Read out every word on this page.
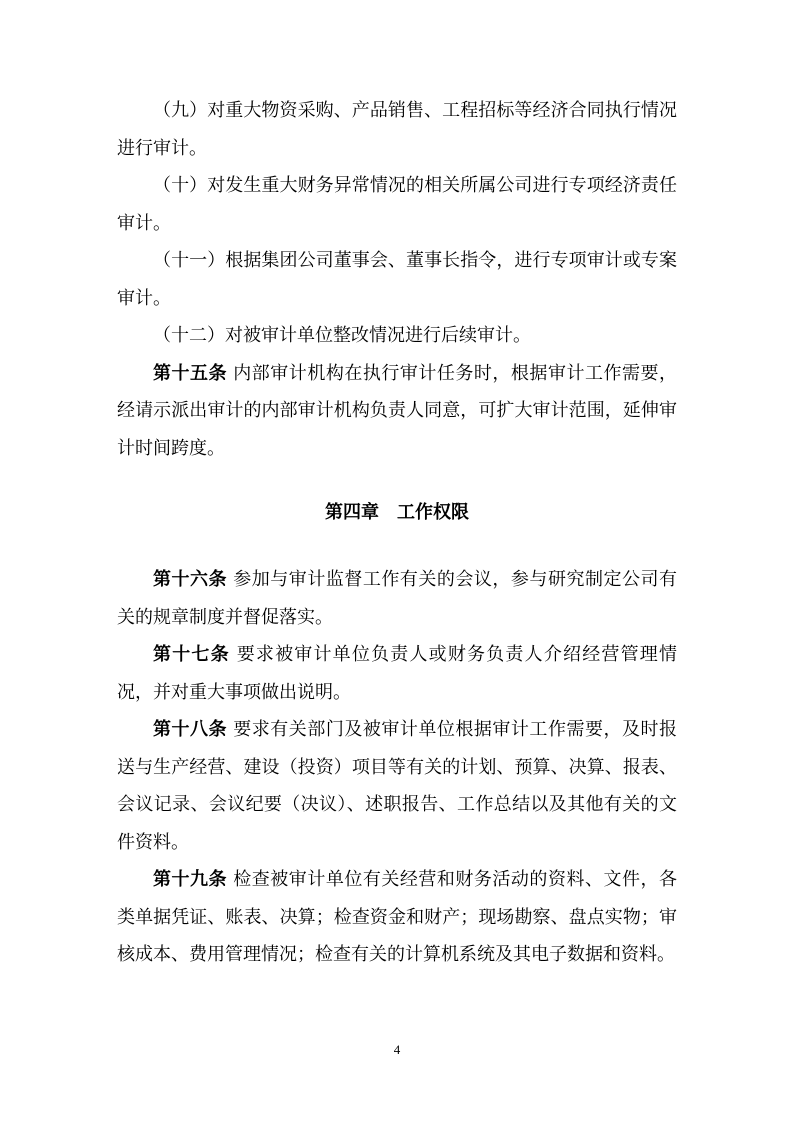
（九）对重大物资采购、产品销售、工程招标等经济合同执行情况进行审计。

（十）对发生重大财务异常情况的相关所属公司进行专项经济责任审计。

（十一）根据集团公司董事会、董事长指令，进行专项审计或专案审计。

（十二）对被审计单位整改情况进行后续审计。

第十五条 内部审计机构在执行审计任务时，根据审计工作需要，经请示派出审计的内部审计机构负责人同意，可扩大审计范围，延伸审计时间跨度。

第四章 工作权限

第十六条 参加与审计监督工作有关的会议，参与研究制定公司有关的规章制度并督促落实。

第十七条 要求被审计单位负责人或财务负责人介绍经营管理情况，并对重大事项做出说明。

第十八条 要求有关部门及被审计单位根据审计工作需要，及时报送与生产经营、建设（投资）项目等有关的计划、预算、决算、报表、会议记录、会议纪要（决议）、述职报告、工作总结以及其他有关的文件资料。

第十九条 检查被审计单位有关经营和财务活动的资料、文件，各类单据凭证、账表、决算；检查资金和财产；现场勘察、盘点实物；审核成本、费用管理情况；检查有关的计算机系统及其电子数据和资料。

4
